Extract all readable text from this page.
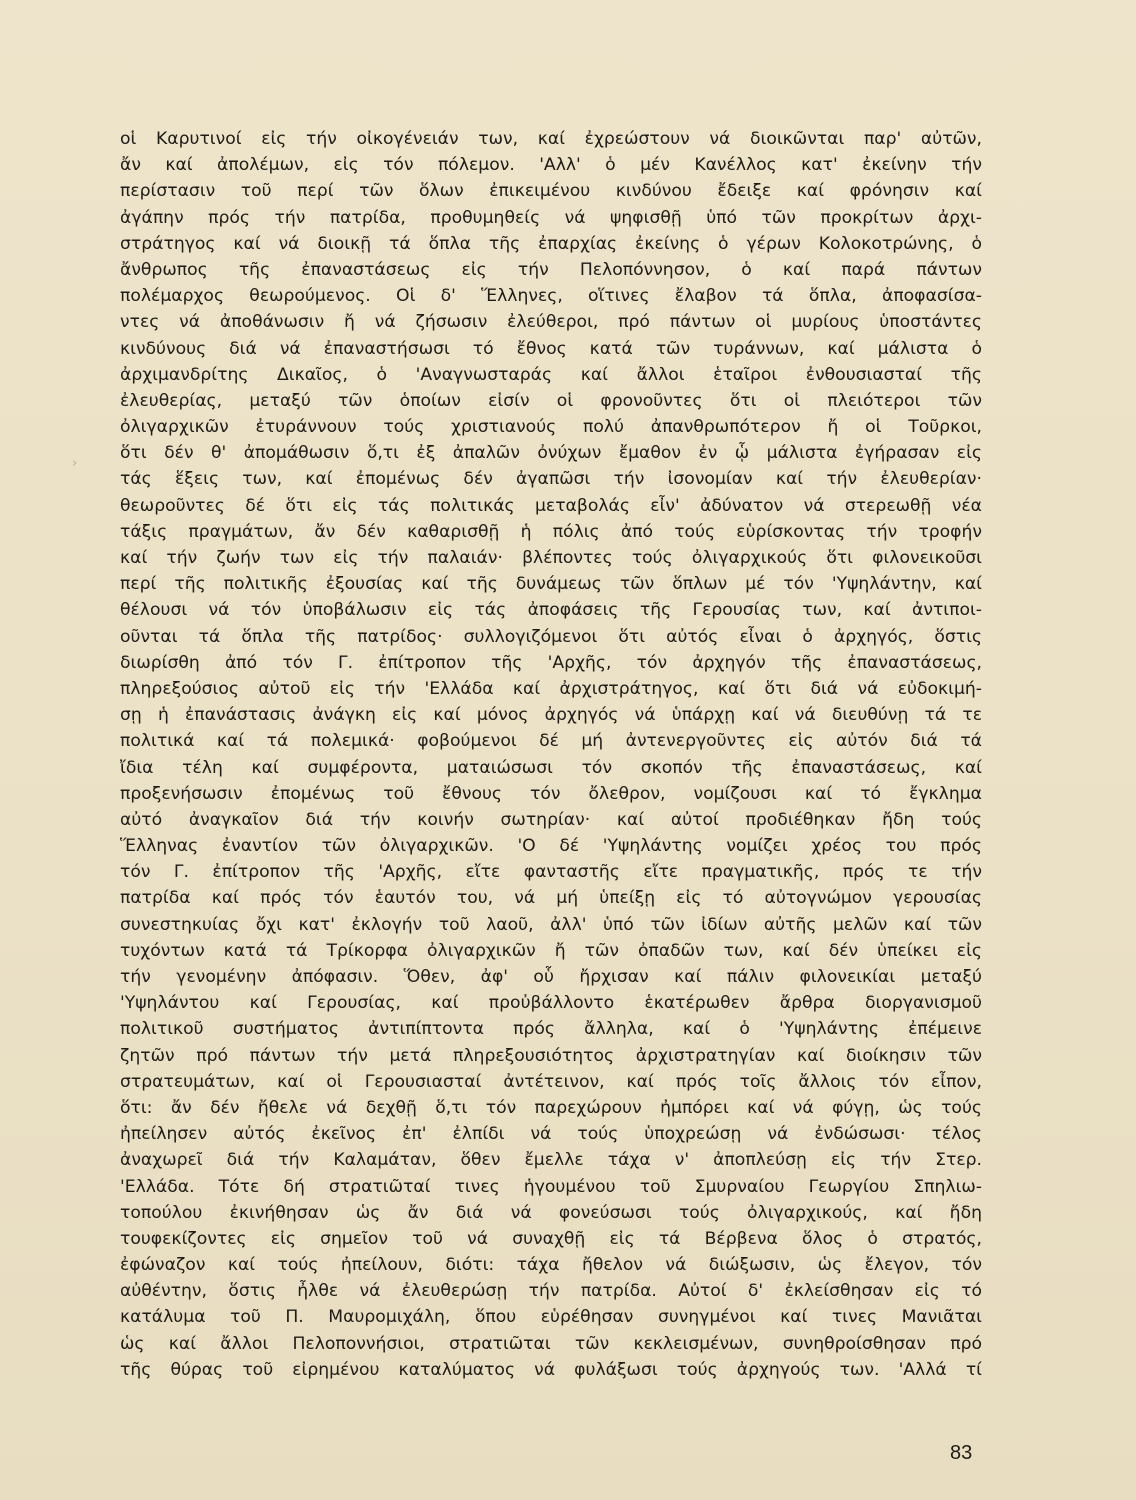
›
οἱ Καρυτινοί εἰς τήν οἰκογένειάν των, καί ἐχρεώστουν νά διοικῶνται παρ' αὐτῶν,
ἄν καί ἀπολέμων, εἰς τόν πόλεμον. 'Αλλ' ὁ μέν Κανέλλος κατ' ἐκείνην τήν
περίστασιν τοῦ περί τῶν ὅλων ἐπικειμένου κινδύνου ἔδειξε καί φρόνησιν καί
ἀγάπην πρός τήν πατρίδα, προθυμηθείς νά ψηφισθῇ ὑπό τῶν προκρίτων ἀρχι-
στράτηγος καί νά διοικῇ τά ὅπλα τῆς ἐπαρχίας ἐκείνης ὁ γέρων Κολοκοτρώνης, ὁ
ἄνθρωπος τῆς ἐπαναστάσεως εἰς τήν Πελοπόννησον, ὁ καί παρά πάντων
πολέμαρχος θεωρούμενος. Οἱ δ' Ἕλληνες, οἵτινες ἔλαβον τά ὅπλα, ἀποφασίσα-
ντες νά ἀποθάνωσιν ἤ νά ζήσωσιν ἐλεύθεροι, πρό πάντων οἱ μυρίους ὑποστάντες
κινδύνους διά νά ἐπαναστήσωσι τό ἔθνος κατά τῶν τυράννων, καί μάλιστα ὁ
ἀρχιμανδρίτης Δικαῖος, ὁ 'Αναγνωσταράς καί ἄλλοι ἑταῖροι ἐνθουσιασταί τῆς
ἐλευθερίας, μεταξύ τῶν ὁποίων εἰσίν οἱ φρονοῦντες ὅτι οἱ πλειότεροι τῶν
ὀλιγαρχικῶν ἐτυράννουν τούς χριστιανούς πολύ ἀπανθρωπότερον ἤ οἱ Τοῦρκοι,
ὅτι δέν θ' ἀπομάθωσιν ὅ,τι ἐξ ἀπαλῶν ὀνύχων ἔμαθον ἐν ᾧ μάλιστα ἐγήρασαν εἰς
τάς ἕξεις των, καί ἐπομένως δέν ἀγαπῶσι τήν ἰσονομίαν καί τήν ἐλευθερίαν·
θεωροῦντες δέ ὅτι εἰς τάς πολιτικάς μεταβολάς εἶν' ἀδύνατον νά στερεωθῇ νέα
τάξις πραγμάτων, ἄν δέν καθαρισθῇ ἡ πόλις ἀπό τούς εὑρίσκοντας τήν τροφήν
καί τήν ζωήν των εἰς τήν παλαιάν· βλέποντες τούς ὀλιγαρχικούς ὅτι φιλονεικοῦσι
περί τῆς πολιτικῆς ἐξουσίας καί τῆς δυνάμεως τῶν ὅπλων μέ τόν 'Υψηλάντην, καί
θέλουσι νά τόν ὑποβάλωσιν εἰς τάς ἀποφάσεις τῆς Γερουσίας των, καί ἀντιποι-
οῦνται τά ὅπλα τῆς πατρίδος· συλλογιζόμενοι ὅτι αὐτός εἶναι ὁ ἀρχηγός, ὅστις
διωρίσθη ἀπό τόν Γ. ἐπίτροπον τῆς 'Αρχῆς, τόν ἀρχηγόν τῆς ἐπαναστάσεως,
πληρεξούσιος αὐτοῦ εἰς τήν 'Ελλάδα καί ἀρχιστράτηγος, καί ὅτι διά νά εὐδοκιμή-
σῃ ἡ ἐπανάστασις ἀνάγκη εἰς καί μόνος ἀρχηγός νά ὑπάρχῃ καί νά διευθύνῃ τά τε
πολιτικά καί τά πολεμικά· φοβούμενοι δέ μή ἀντενεργοῦντες εἰς αὐτόν διά τά
ἴδια τέλη καί συμφέροντα, ματαιώσωσι τόν σκοπόν τῆς ἐπαναστάσεως, καί
προξενήσωσιν ἐπομένως τοῦ ἔθνους τόν ὄλεθρον, νομίζουσι καί τό ἔγκλημα
αὐτό ἀναγκαῖον διά τήν κοινήν σωτηρίαν· καί αὐτοί προδιέθηκαν ἤδη τούς
Ἕλληνας ἐναντίον τῶν ὀλιγαρχικῶν. 'Ο δέ 'Υψηλάντης νομίζει χρέος του πρός
τόν Γ. ἐπίτροπον τῆς 'Αρχῆς, εἴτε φανταστῆς εἴτε πραγματικῆς, πρός τε τήν
πατρίδα καί πρός τόν ἑαυτόν του, νά μή ὑπείξῃ εἰς τό αὐτογνώμον γερουσίας
συνεστηκυίας ὄχι κατ' ἐκλογήν τοῦ λαοῦ, ἀλλ' ὑπό τῶν ἰδίων αὐτῆς μελῶν καί τῶν
τυχόντων κατά τά Τρίκορφα ὀλιγαρχικῶν ἤ τῶν ὀπαδῶν των, καί δέν ὑπείκει εἰς
τήν γενομένην ἀπόφασιν. Ὅθεν, ἀφ' οὗ ἤρχισαν καί πάλιν φιλονεικίαι μεταξύ
'Υψηλάντου καί Γερουσίας, καί προὐβάλλοντο ἑκατέρωθεν ἄρθρα διοργανισμοῦ
πολιτικοῦ συστήματος ἀντιπίπτοντα πρός ἄλληλα, καί ὁ 'Υψηλάντης ἐπέμεινε
ζητῶν πρό πάντων τήν μετά πληρεξουσιότητος ἀρχιστρατηγίαν καί διοίκησιν τῶν
στρατευμάτων, καί οἱ Γερουσιασταί ἀντέτεινον, καί πρός τοῖς ἄλλοις τόν εἶπον,
ὅτι: ἄν δέν ἤθελε νά δεχθῇ ὅ,τι τόν παρεχώρουν ἠμπόρει καί νά φύγῃ, ὡς τούς
ἠπείλησεν αὐτός ἐκεῖνος ἐπ' ἐλπίδι νά τούς ὑποχρεώσῃ νά ἐνδώσωσι· τέλος
ἀναχωρεῖ διά τήν Καλαμάταν, ὅθεν ἔμελλε τάχα ν' ἀποπλεύσῃ εἰς τήν Στερ.
'Ελλάδα. Τότε δή στρατιῶταί τινες ἡγουμένου τοῦ Σμυρναίου Γεωργίου Σπηλιω-
τοπούλου ἐκινήθησαν ὡς ἄν διά νά φονεύσωσι τούς ὀλιγαρχικούς, καί ἤδη
τουφεκίζοντες εἰς σημεῖον τοῦ νά συναχθῇ εἰς τά Βέρβενα ὅλος ὁ στρατός,
ἐφώναζον καί τούς ἠπείλουν, διότι: τάχα ἤθελον νά διώξωσιν, ὡς ἔλεγον, τόν
αὐθέντην, ὅστις ἦλθε νά ἐλευθερώσῃ τήν πατρίδα. Αὐτοί δ' ἐκλείσθησαν εἰς τό
κατάλυμα τοῦ Π. Μαυρομιχάλη, ὅπου εὑρέθησαν συνηγμένοι καί τινες Μανιᾶται
ὡς καί ἄλλοι Πελοποννήσιοι, στρατιῶται τῶν κεκλεισμένων, συνηθροίσθησαν πρό
τῆς θύρας τοῦ εἰρημένου καταλύματος νά φυλάξωσι τούς ἀρχηγούς των. 'Αλλά τί
83
